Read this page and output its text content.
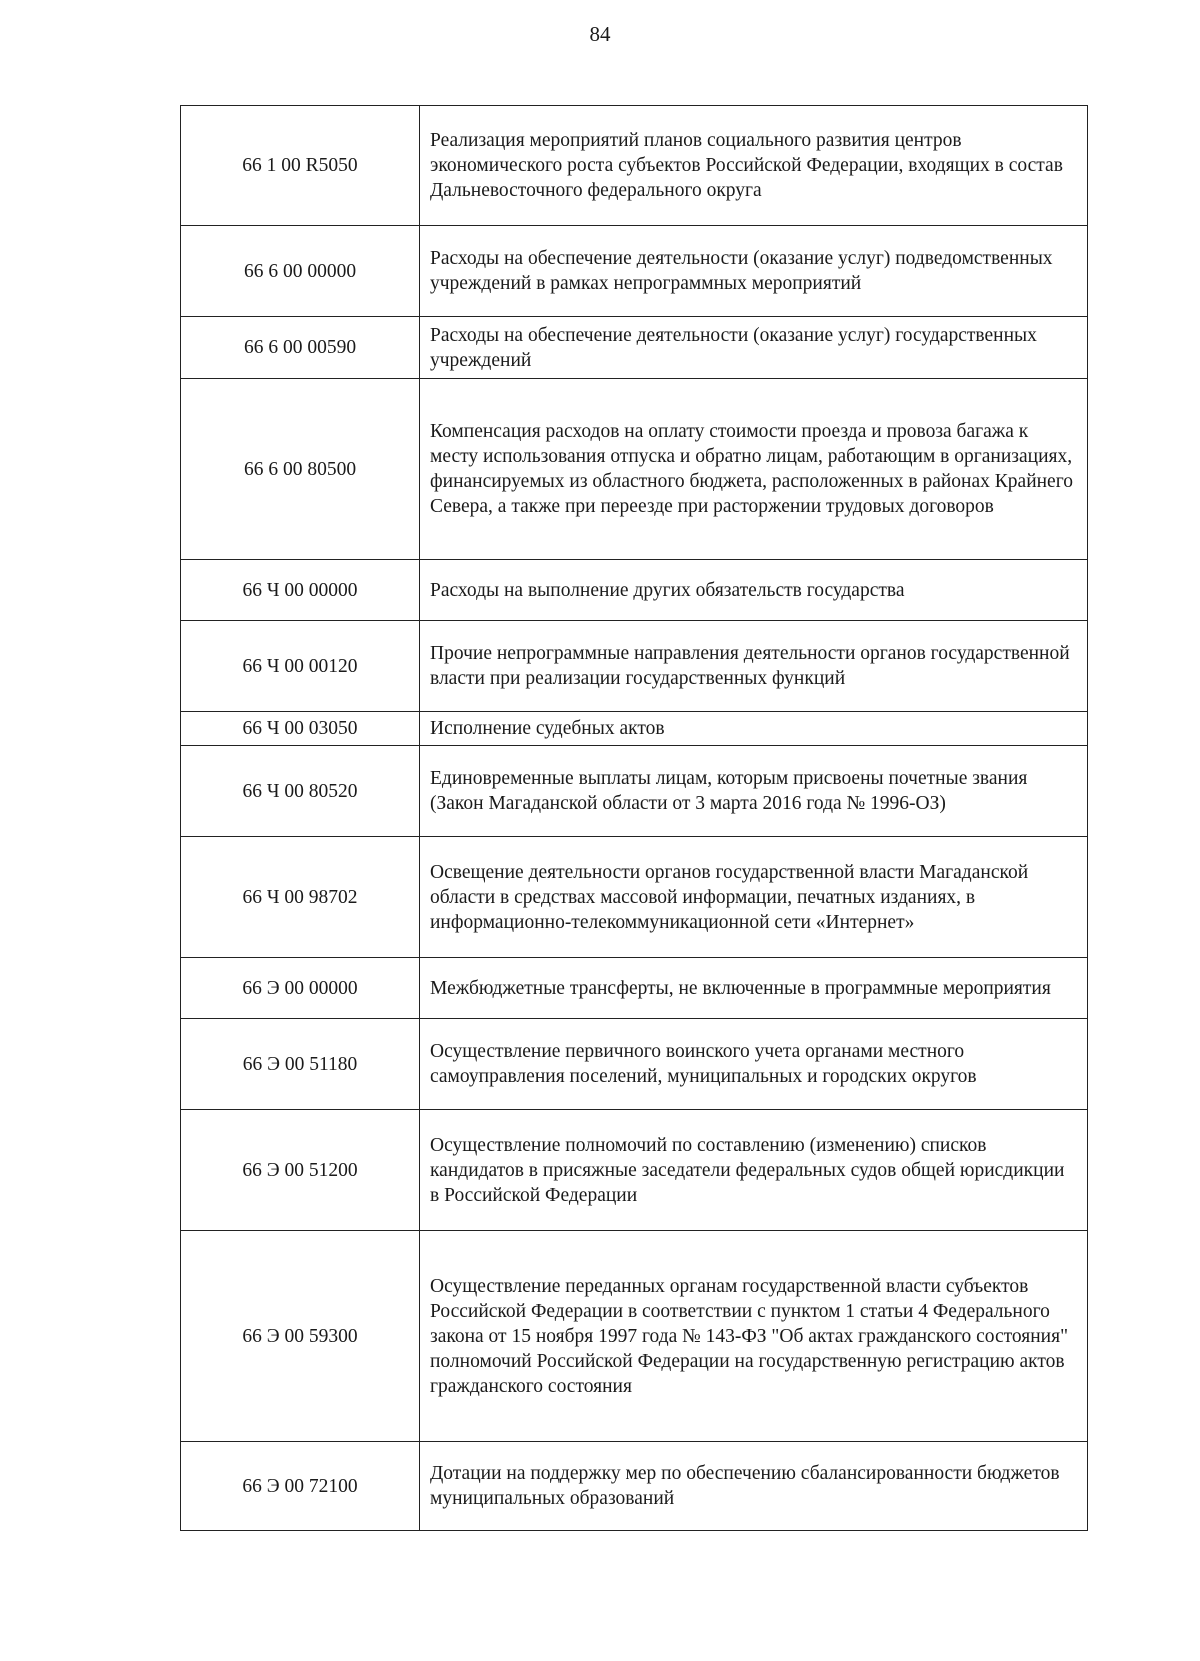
84
66 1 00 R5050	Реализация мероприятий планов социального развития центров экономического роста субъектов Российской Федерации, входящих в состав Дальневосточного федерального округа
66 6 00 00000	Расходы на обеспечение деятельности (оказание услуг) подведомственных учреждений в рамках непрограммных мероприятий
66 6 00 00590	Расходы на обеспечение деятельности (оказание услуг) государственных учреждений
66 6 00 80500	Компенсация расходов на оплату стоимости проезда и провоза багажа к месту использования отпуска и обратно лицам, работающим в организациях, финансируемых из областного бюджета, расположенных в районах Крайнего Севера, а также при переезде при расторжении трудовых договоров
66 Ч 00 00000	Расходы на выполнение других обязательств государства
66 Ч 00 00120	Прочие непрограммные направления деятельности органов государственной власти при реализации государственных функций
66 Ч 00 03050	Исполнение судебных актов
66 Ч 00 80520	Единовременные выплаты лицам, которым присвоены почетные звания (Закон Магаданской области от 3 марта 2016 года № 1996-ОЗ)
66 Ч 00 98702	Освещение деятельности органов государственной власти Магаданской области в средствах массовой информации, печатных изданиях, в информационно-телекоммуникационной сети «Интернет»
66 Э 00 00000	Межбюджетные трансферты, не включенные в программные мероприятия
66 Э 00 51180	Осуществление первичного воинского учета органами местного самоуправления поселений, муниципальных и городских округов
66 Э 00 51200	Осуществление полномочий по составлению (изменению) списков кандидатов в присяжные заседатели федеральных судов общей юрисдикции в Российской Федерации
66 Э 00 59300	Осуществление переданных органам государственной власти субъектов Российской Федерации в соответствии с пунктом 1 статьи 4 Федерального закона от 15 ноября 1997 года № 143-ФЗ "Об актах гражданского состояния" полномочий Российской Федерации на государственную регистрацию актов гражданского состояния
66 Э 00 72100	Дотации на поддержку мер по обеспечению сбалансированности бюджетов муниципальных образований
